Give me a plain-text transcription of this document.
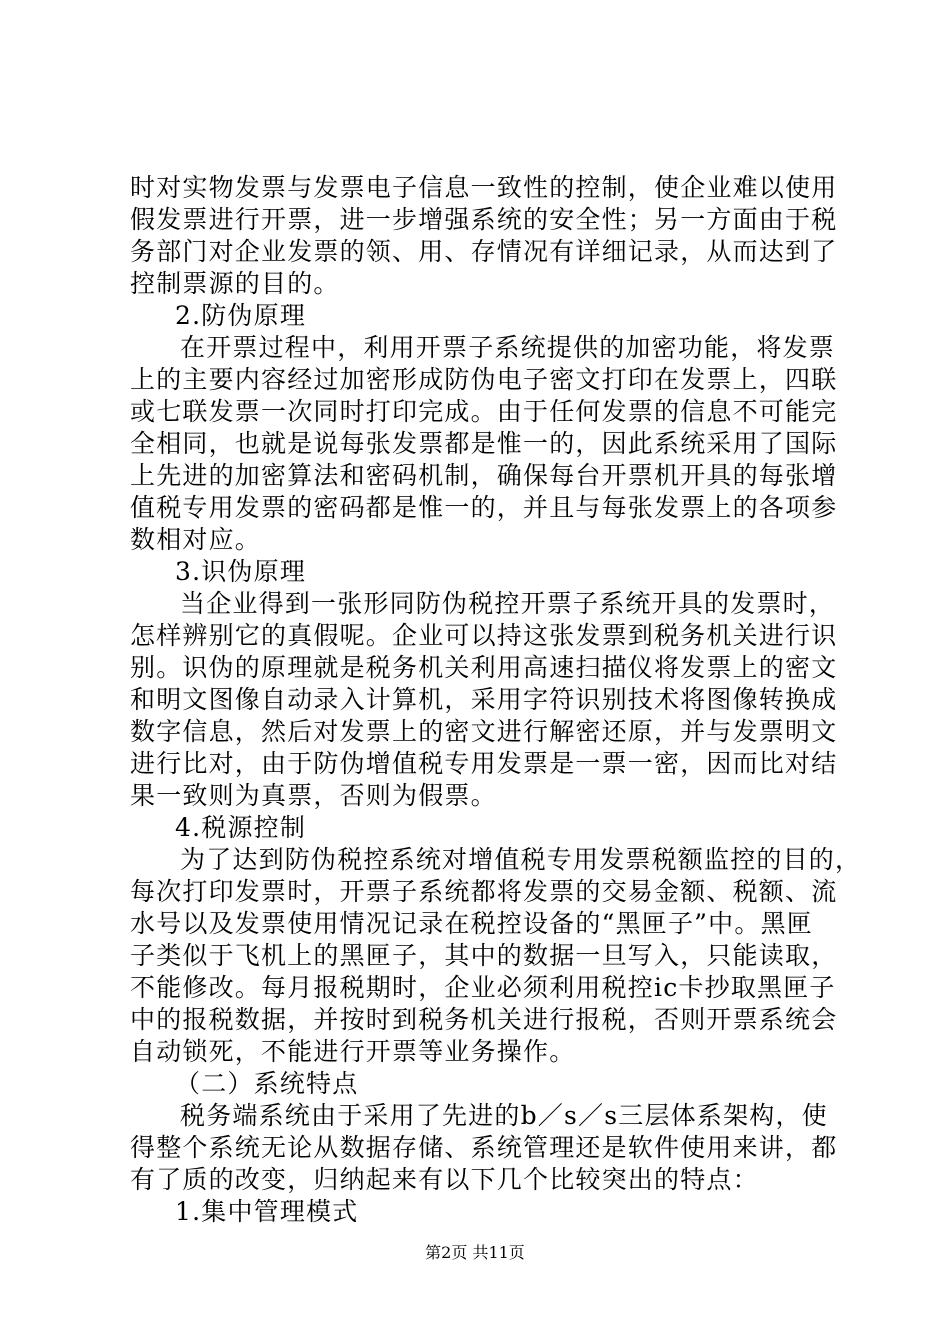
时对实物发票与发票电子信息一致性的控制，使企业难以使用
假发票进行开票，进一步增强系统的安全性；另一方面由于税
务部门对企业发票的领、用、存情况有详细记录，从而达到了
控制票源的目的。
2.防伪原理
在开票过程中，利用开票子系统提供的加密功能，将发票
上的主要内容经过加密形成防伪电子密文打印在发票上，四联
或七联发票一次同时打印完成。由于任何发票的信息不可能完
全相同，也就是说每张发票都是惟一的，因此系统采用了国际
上先进的加密算法和密码机制，确保每台开票机开具的每张增
值税专用发票的密码都是惟一的，并且与每张发票上的各项参
数相对应。
3.识伪原理
当企业得到一张形同防伪税控开票子系统开具的发票时，
怎样辨别它的真假呢。企业可以持这张发票到税务机关进行识
别。识伪的原理就是税务机关利用高速扫描仪将发票上的密文
和明文图像自动录入计算机，采用字符识别技术将图像转换成
数字信息，然后对发票上的密文进行解密还原，并与发票明文
进行比对，由于防伪增值税专用发票是一票一密，因而比对结
果一致则为真票，否则为假票。
4.税源控制
为了达到防伪税控系统对增值税专用发票税额监控的目的，
每次打印发票时，开票子系统都将发票的交易金额、税额、流
水号以及发票使用情况记录在税控设备的“黑匣子”中。黑匣
子类似于飞机上的黑匣子，其中的数据一旦写入，只能读取，
不能修改。每月报税期时，企业必须利用税控ic卡抄取黑匣子
中的报税数据，并按时到税务机关进行报税，否则开票系统会
自动锁死，不能进行开票等业务操作。
（二）系统特点
税务端系统由于采用了先进的b／s／s三层体系架构，使
得整个系统无论从数据存储、系统管理还是软件使用来讲，都
有了质的改变，归纳起来有以下几个比较突出的特点：
1.集中管理模式
第2页 共11页
